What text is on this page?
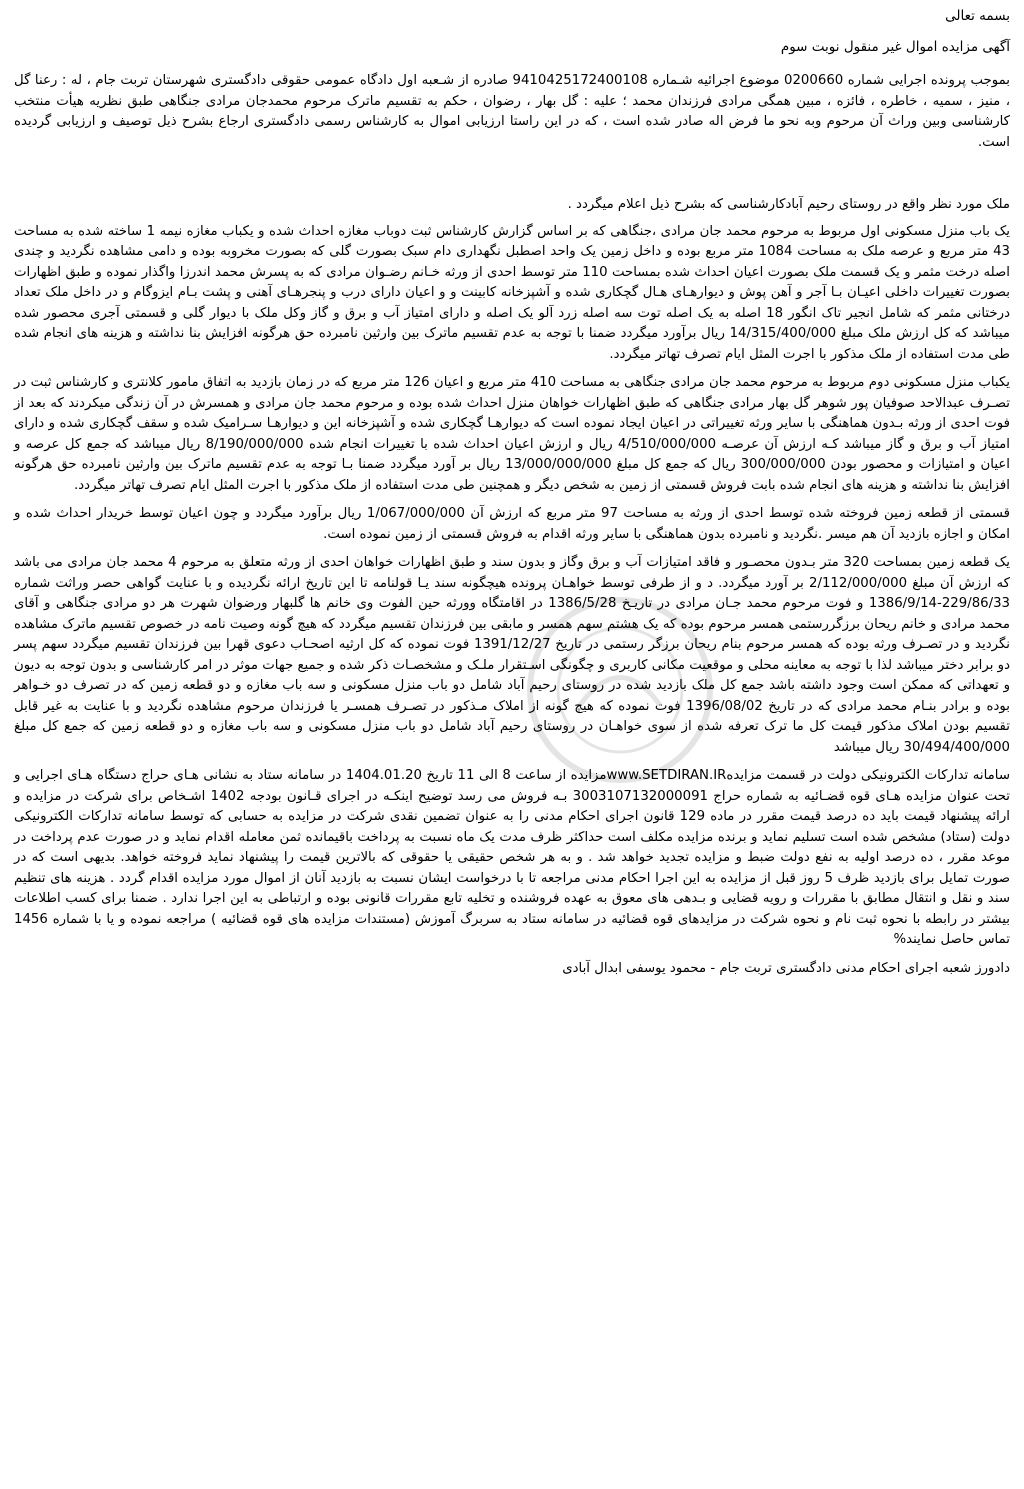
بسمه تعالی

آگهی مزایده اموال غیر منقول نوبت سوم

بموجب پرونده اجرایی شماره 0200660 موضوع اجرائیه شـماره 9410425172400108 صادره از شـعبه اول دادگاه عمومی حقوقی دادگستری شهرستان تربت جام ، له : رعنا گل ، منیز ، سمیه ، خاطره ، فائزه ، مبین همگی مرادی فرزندان محمد ؛ علیه : گل بهار ، رضوان ، حکم به تقسیم ماترک مرحوم محمدجان مرادی جنگاهی طبق نظریه هیأت منتخب کارشناسی وبین وراث آن مرحوم وبه نحو ما فرض اله صادر شده است ، که در این راستا ارزیابی اموال به کارشناس رسمی دادگستری ارجاع بشرح ذیل توصیف و ارزیابی گردیده است.

ملک مورد نظر واقع در روستای رحیم آبادکارشناسی که بشرح ذیل اعلام میگردد .

یک باب منزل مسکونی اول مربوط به مرحوم محمد جان مرادی ،جنگاهی که بر اساس گزارش کارشناس ثبت دوباب مغازه احداث شده و یکباب مغازه نیمه 1 ساخته شده به مساحت 43 متر مربع و عرصه ملک به مساحت 1084 متر مربع بوده و داخل زمین یک واحد اصطبل نگهداری دام سبک بصورت گلی که بصورت مخروبه بوده و دامی مشاهده نگردید و چندی اصله درخت مثمر و یک قسمت ملک بصورت اعیان احداث شده بمساحت 110 متر توسط احدی از ورثه خـانم رضـوان مرادی که به پسرش محمد اندرزا واگذار نموده و طبق اظهارات بصورت تغییرات داخلی اعیـان بـا آجر و آهن پوش و دیوارهـای هـال گچکاری شده و آشپزخانه کابینت و و اعیان دارای درب و پنجرهـای آهنی و پشت بـام ایزوگام و در داخل ملک تعداد درختانی مثمر که شامل انجیر تاک انگور 18 اصله به یک اصله توت سه اصله زرد آلو یک اصله و دارای امتیاز آب و برق و گاز وکل ملک با دیوار گلی و قسمتی آجری محصور شده میباشد که کل ارزش ملک مبلغ 14/315/400/000 ریال برآورد میگردد ضمنا با توجه به عدم تقسیم ماترک بین وارثین نامبرده حق هرگونه افزایش بنا نداشته و هزینه های انجام شده طی مدت استفاده از ملک مذکور با اجرت المثل ایام تصرف تهاتر میگردد.

یکباب منزل مسکونی دوم مربوط به مرحوم محمد جان مرادی جنگاهی به مساحت 410 متر مربع و اعیان 126 متر مربع که در زمان بازدید به اتفاق مامور کلانتری و کارشناس ثبت در تصـرف عبدالاحد صوفیان پور شوهر گل بهار مرادی جنگاهی که طبق اظهارات خواهان منزل احداث شده بوده و مرحوم محمد جان مرادی و همسرش در آن زندگی میکردند که بعد از فوت احدی از ورثه بـدون هماهنگی با سایر ورثه تغییراتی در اعیان ایجاد نموده است که دیوارهـا گچکاری شده و آشپزخانه این و دیوارهـا سـرامیک شده و سقف گچکاری شده و دارای امتیاز آب و برق و گاز میباشد کـه ارزش آن عرصـه 4/510/000/000 ریال و ارزش اعیان احداث شده با تغییرات انجام شده 8/190/000/000 ریال میباشد که جمع کل عرصه و اعیان و امتیازات و محصور بودن 300/000/000 ریال که جمع کل مبلغ 13/000/000/000 ریال بر آورد میگردد ضمنا بـا توجه به عدم تقسیم ماترک بین وارثین نامبرده حق هرگونه افزایش بنا نداشته و هزینه های انجام شده بابت فروش قسمتی از زمین به شخص دیگر و همچنین طی مدت استفاده از ملک مذکور با اجرت المثل ایام تصرف تهاتر میگردد.

قسمتی از قطعه زمین فروخته شده توسط احدی از ورثه به مساحت 97 متر مربع که ارزش آن 1/067/000/000 ریال برآورد میگردد و چون اعیان توسط خریدار احداث شده و امکان و اجازه بازدید آن هم میسر .نگردید و نامبرده بدون هماهنگی با سایر ورثه اقدام به فروش قسمتی از زمین نموده است.

یک قطعه زمین بمساحت 320 متر بـدون محصـور و فاقد امتیازات آب و برق وگاز و بدون سند و طبق اظهارات خواهان احدی از ورثه متعلق به مرحوم 4 محمد جان مرادی می باشد که ارزش آن مبلغ 2/112/000/000 بر آورد میگردد. د و از طرفی توسط خواهـان پرونده هیچگونه سند یـا قولنامه تا این تاریخ ارائه نگردیده و با عنایت گواهی حصر وراثت شماره 229/86/33-1386/9/14 و فوت مرحوم محمد جـان مرادی در تاریـخ 1386/5/28 در اقامتگاه وورثه حین الفوت وی خانم ها گلبهار ورضوان شهرت هر دو مرادی جنگاهی و آقای محمد مرادی و خانم ریحان برزگررستمی همسر مرحوم بوده که یک هشتم سهم همسر و مابقی بین فرزندان تقسیم میگردد که هیچ گونه وصیت نامه در خصوص تقسیم ماترک مشاهده نگردید و در تصـرف ورثه بوده که همسر مرحوم بنام ریحان برزگر رستمی در تاریخ 1391/12/27 فوت نموده که کل ارثیه اصحـاب دعوی قهرا بین فرزندان تقسیم میگردد سهم پسر دو برابر دختر میباشد لذا با توجه به معاینه محلی و موقعیت مکانی کاربری و چگونگی اسـتقرار ملـک و مشخصـات ذکر شده و جمیع جهات موثر در امر کارشناسی و بدون توجه به دیون و تعهداتی که ممکن است وجود داشته باشد جمع کل ملک بازدید شده در روستای رحیم آباد شامل دو باب منزل مسکونی و سه باب مغازه و دو قطعه زمین که در تصرف دو خـواهر بوده و برادر بنـام محمد مرادی که در تاریخ 1396/08/02 فوت نموده که هیچ گونه از املاک مـذکور در تصـرف همسـر یا فرزندان مرحوم مشاهده نگردید و با عنایت به غیر قابل تقسیم بودن املاک مذکور قیمت کل ما ترک تعرفه شده از سوی خواهـان در روستای رحیم آباد شامل دو باب منزل مسکونی و سه باب مغازه و دو قطعه زمین که جمع کل مبلغ 30/494/400/000 ریال میباشد

سامانه تدارکات الکترونیکی دولت در قسمت مزایدهwww.SETDIRAN.IRمزایده از ساعت 8 الی 11 تاریخ 1404.01.20 در سامانه ستاد به نشانی هـای حراج دستگاه هـای اجرایی و تحت عنوان مزایده هـای قوه قضـائیه به شماره حراج 3003107132000091 بـه فروش می رسد توضیح اینکـه در اجرای قـانون بودجه 1402 اشـخاص برای شرکت در مزایده و ارائه پیشنهاد قیمت باید ده درصد قیمت مقرر در ماده 129 قانون اجرای احکام مدنی را به عنوان تضمین نقدی شرکت در مزایده به حسابی که توسط سامانه تدارکات الکترونیکی دولت (ستاد) مشخص شده است تسلیم نماید و برنده مزایده مکلف است حداکثر ظرف مدت یک ماه نسبت به پرداخت باقیمانده ثمن معامله اقدام نماید و در صورت عدم پرداخت در موعد مقرر ، ده درصد اولیه به نفع دولت ضبط و مزایده تجدید خواهد شد . و به هر شخص حقیقی یا حقوقی که بالاترین قیمت را پیشنهاد نماید فروخته خواهد. بدیهی است که در صورت تمایل برای بازدید ظرف 5 روز قبل از مزایده به این اجرا احکام مدنی مراجعه تا با درخواست ایشان نسبت به بازدید آنان از اموال مورد مزایده اقدام گردد . هزینه های تنظیم سند و نقل و انتقال مطابق با مقررات و رویه قضایی و بـدهی های معوق به عهده فروشنده و تخلیه تابع مقررات قانونی بوده و ارتباطی به این اجرا ندارد . ضمنا برای کسب اطلاعات بیشتر در رابطه با نحوه ثبت نام و نحوه شرکت در مزایدهای قوه قضائیه در سامانه ستاد به سربرگ آموزش (مستندات مزایده های قوه قضائیه ) مراجعه نموده و یا با شماره 1456 تماس حاصل نمایند%

دادورز شعبه اجرای احکام مدنی دادگستری تربت جام - محمود یوسفی ابدال آبادی
